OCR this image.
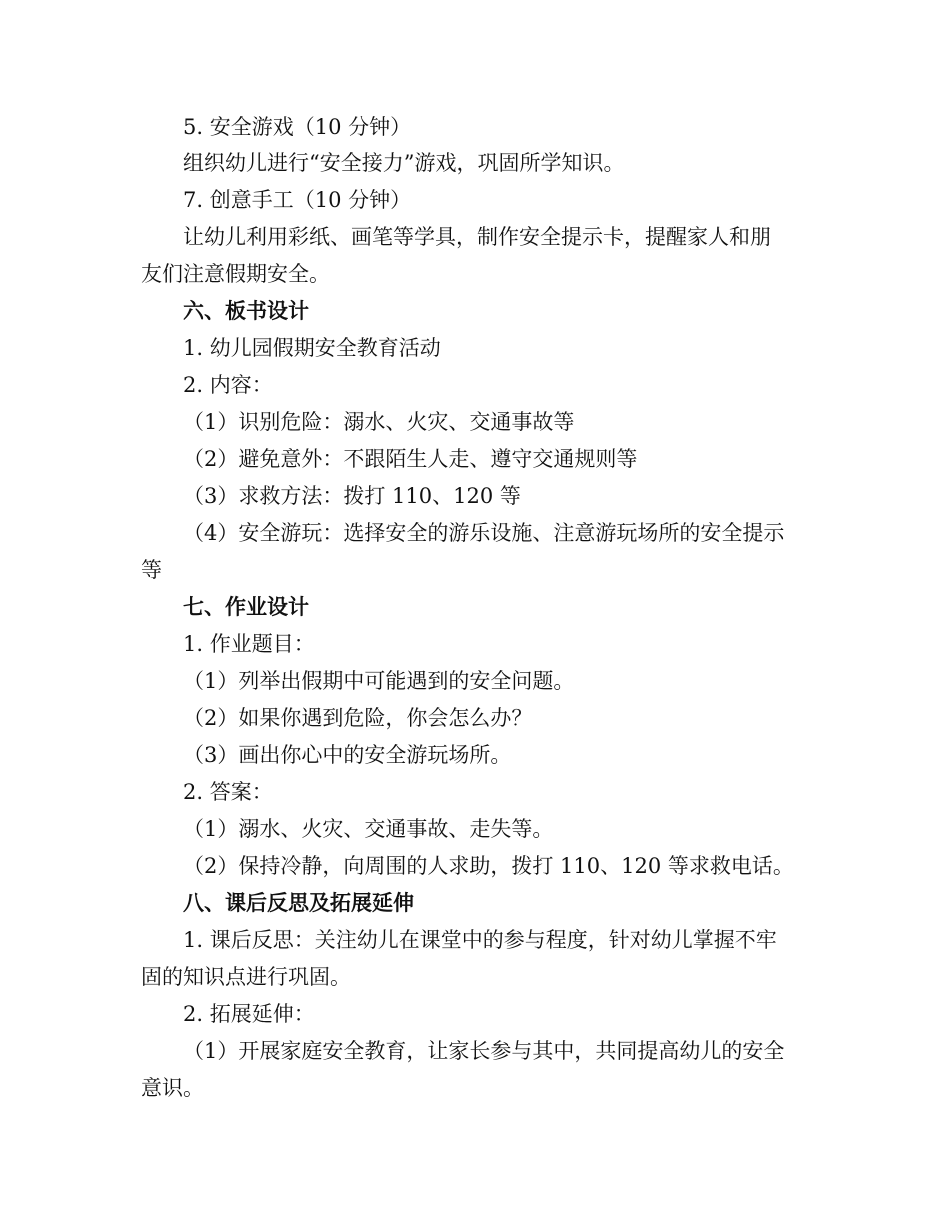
5. 安全游戏（10 分钟）
组织幼儿进行“安全接力”游戏，巩固所学知识。
7. 创意手工（10 分钟）
让幼儿利用彩纸、画笔等学具，制作安全提示卡，提醒家人和朋
友们注意假期安全。
六、板书设计
1. 幼儿园假期安全教育活动
2. 内容：
（1）识别危险：溺水、火灾、交通事故等
（2）避免意外：不跟陌生人走、遵守交通规则等
（3）求救方法：拨打 110、120 等
（4）安全游玩：选择安全的游乐设施、注意游玩场所的安全提示
等
七、作业设计
1. 作业题目：
（1）列举出假期中可能遇到的安全问题。
（2）如果你遇到危险，你会怎么办？
（3）画出你心中的安全游玩场所。
2. 答案：
（1）溺水、火灾、交通事故、走失等。
（2）保持冷静，向周围的人求助，拨打 110、120 等求救电话。
八、课后反思及拓展延伸
1. 课后反思：关注幼儿在课堂中的参与程度，针对幼儿掌握不牢
固的知识点进行巩固。
2. 拓展延伸：
（1）开展家庭安全教育，让家长参与其中，共同提高幼儿的安全
意识。
